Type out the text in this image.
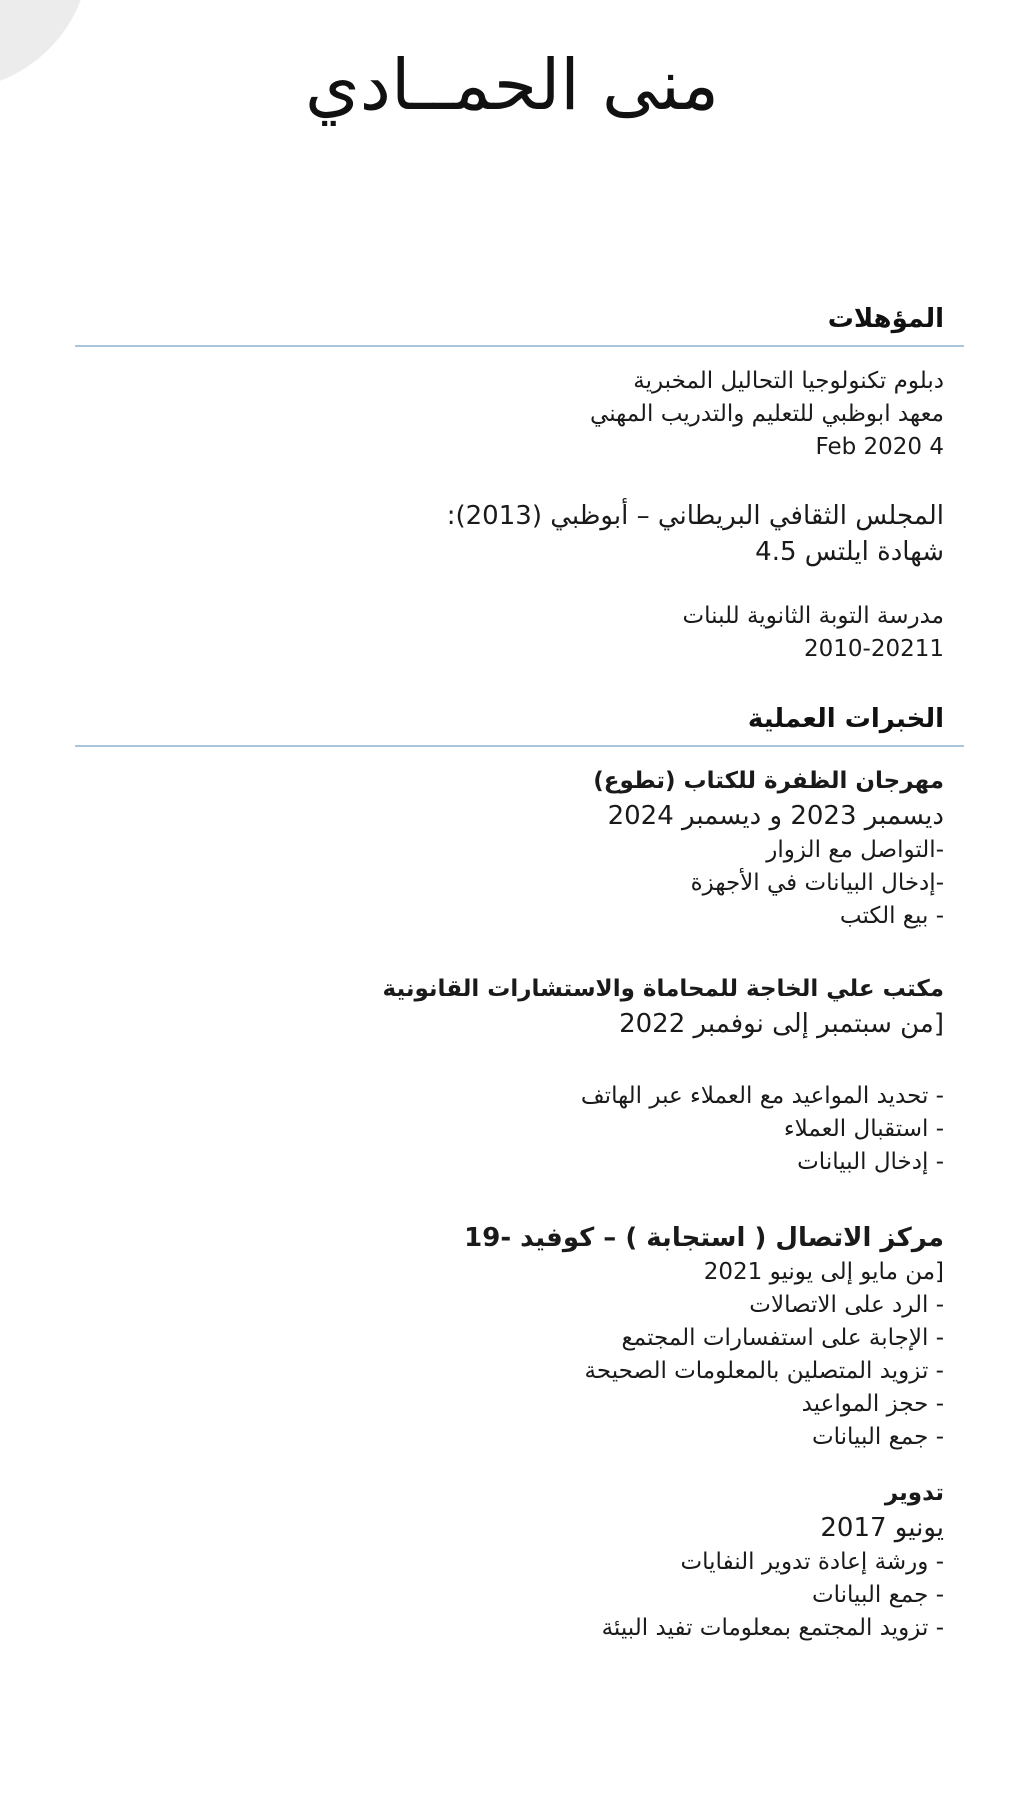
منى الحمــادي
المؤهلات
دبلوم تكنولوجيا التحاليل المخبرية
معهد ابوظبي للتعليم والتدريب المهني
4 Feb 2020
المجلس الثقافي البريطاني – أبوظبي (2013):
شهادة ايلتس 4.5
مدرسة التوبة الثانوية للبنات
2010-20211
الخبرات العملية
مهرجان الظفرة للكتاب (تطوع)
ديسمبر 2023 و ديسمبر 2024
-التواصل مع الزوار
-إدخال البيانات في الأجهزة
- بيع الكتب
مكتب علي الخاجة للمحاماة والاستشارات القانونية
[من سبتمبر إلى نوفمبر 2022
- تحديد المواعيد مع العملاء عبر الهاتف
- استقبال العملاء
- إدخال البيانات
مركز الاتصال ( استجابة ) – كوفيد -19
[من مايو إلى يونيو 2021
- الرد على الاتصالات
- الإجابة على استفسارات المجتمع
- تزويد المتصلين بالمعلومات الصحيحة
- حجز المواعيد
- جمع البيانات
تدوير
يونيو 2017
- ورشة إعادة تدوير النفايات
- جمع البيانات
- تزويد المجتمع بمعلومات تفيد البيئة
